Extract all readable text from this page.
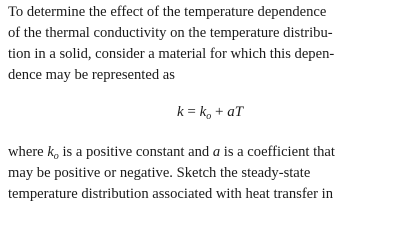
To determine the effect of the temperature dependence
of the thermal conductivity on the temperature distribu-
tion in a solid, consider a material for which this depen-
dence may be represented as
$k = k_o$ + aT
where $k_o$ is a positive constant and a is a coefficient that
may be positive or negative. Sketch the steady-state
temperature distribution associated with heat transfer in
